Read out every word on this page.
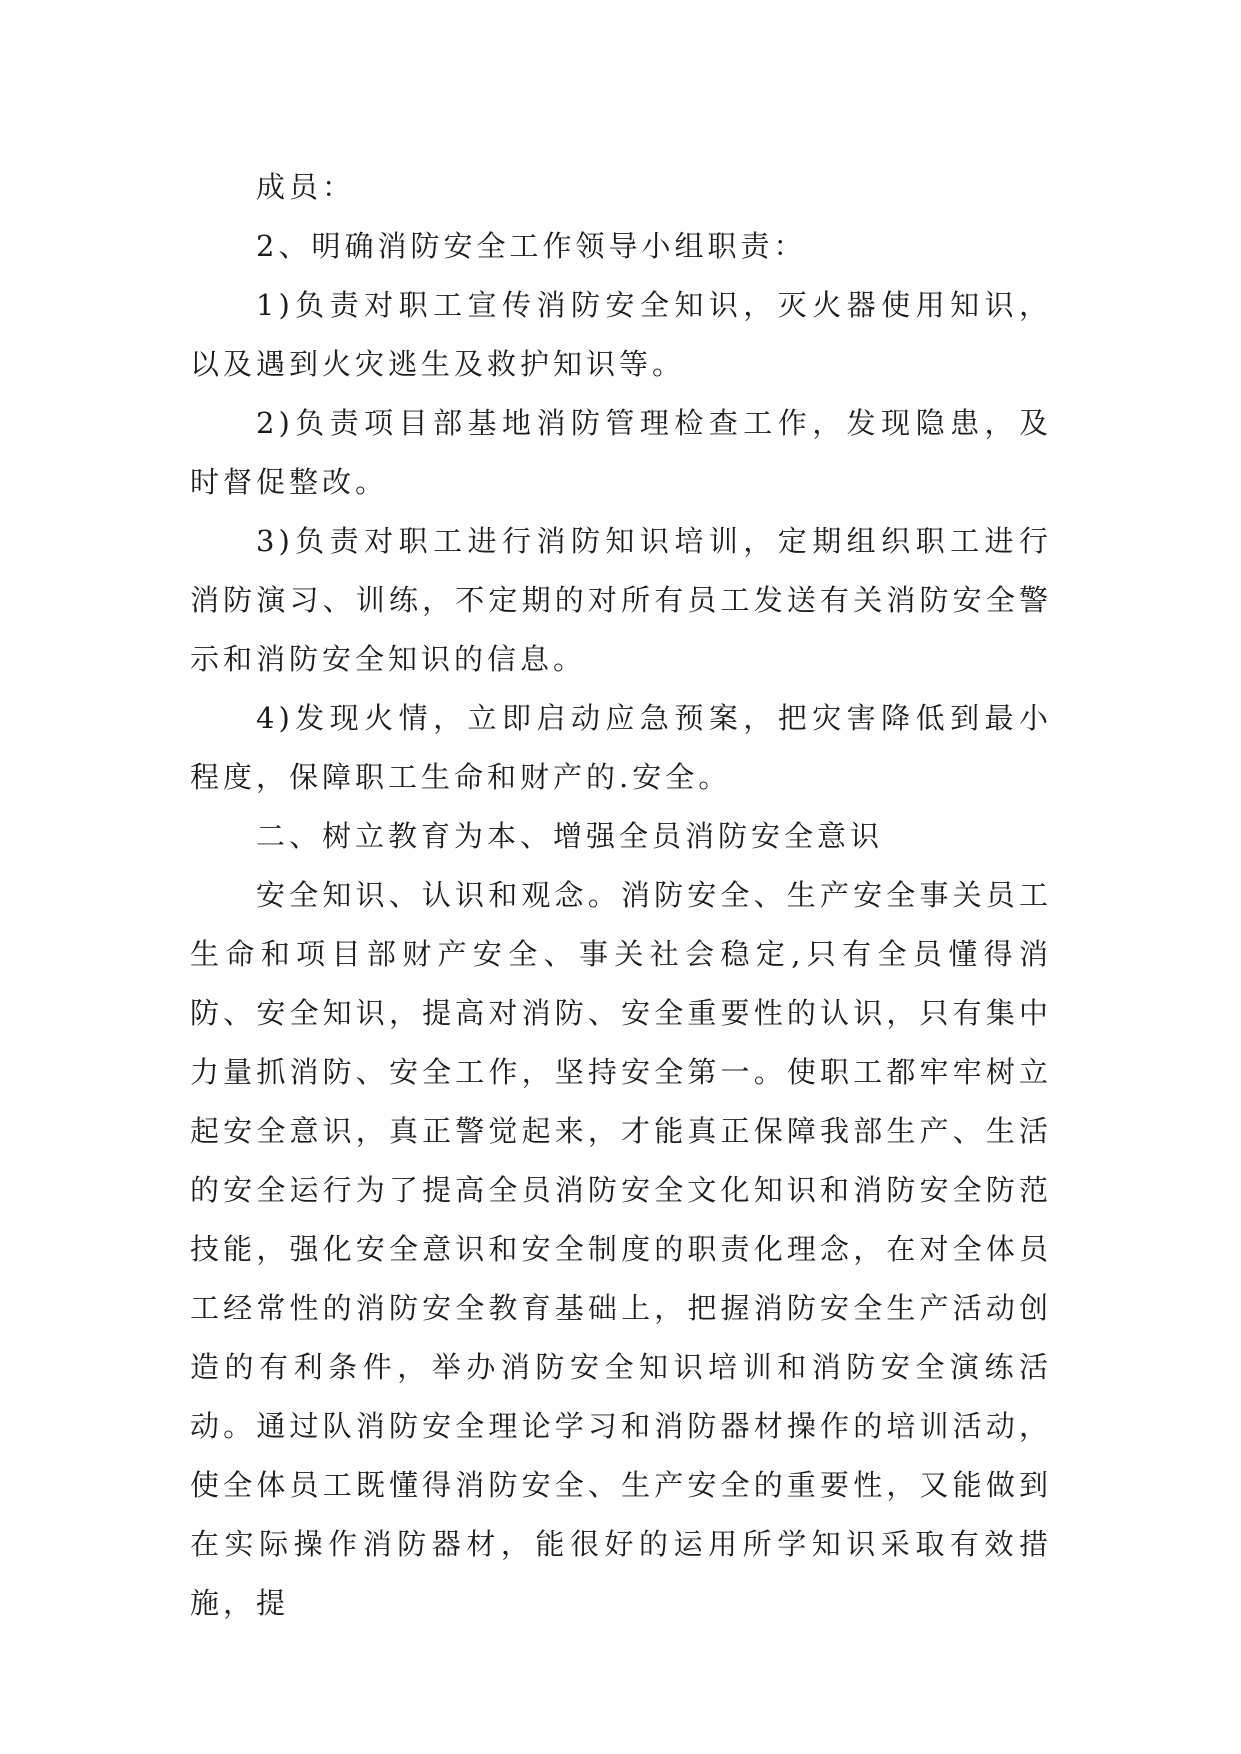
成员：

2、明确消防安全工作领导小组职责：

1)负责对职工宣传消防安全知识，灭火器使用知识，以及遇到火灾逃生及救护知识等。

2)负责项目部基地消防管理检查工作，发现隐患，及时督促整改。

3)负责对职工进行消防知识培训，定期组织职工进行消防演习、训练，不定期的对所有员工发送有关消防安全警示和消防安全知识的信息。

4)发现火情，立即启动应急预案，把灾害降低到最小程度，保障职工生命和财产的.安全。

二、树立教育为本、增强全员消防安全意识

安全知识、认识和观念。消防安全、生产安全事关员工生命和项目部财产安全、事关社会稳定,只有全员懂得消防、安全知识，提高对消防、安全重要性的认识，只有集中力量抓消防、安全工作，坚持安全第一。使职工都牢牢树立起安全意识，真正警觉起来，才能真正保障我部生产、生活的安全运行为了提高全员消防安全文化知识和消防安全防范技能，强化安全意识和安全制度的职责化理念，在对全体员工经常性的消防安全教育基础上，把握消防安全生产活动创造的有利条件，举办消防安全知识培训和消防安全演练活动。通过队消防安全理论学习和消防器材操作的培训活动，使全体员工既懂得消防安全、生产安全的重要性，又能做到在实际操作消防器材，能很好的运用所学知识采取有效措施，提
